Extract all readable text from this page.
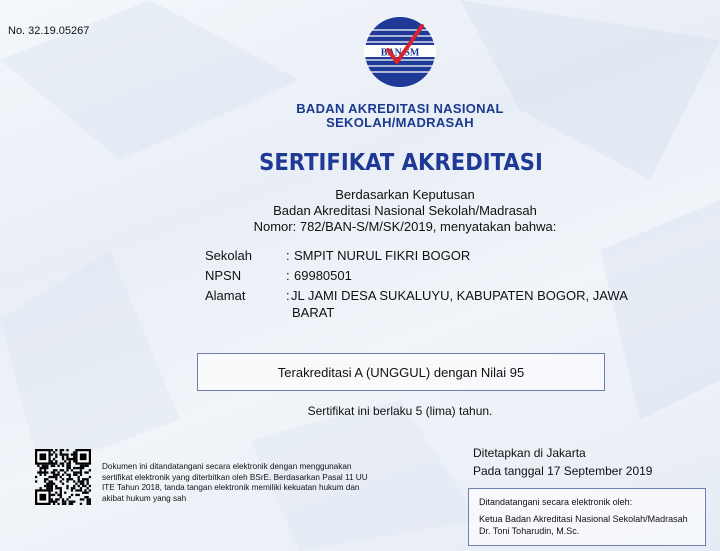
No. 32.19.05267
BAN SM
BADAN AKREDITASI NASIONAL
SEKOLAH/MADRASAH
SERTIFIKAT AKREDITASI
Berdasarkan Keputusan
Badan Akreditasi Nasional Sekolah/Madrasah
Nomor: 782/BAN-S/M/SK/2019, menyatakan bahwa:
Sekolah	: SMPIT NURUL FIKRI BOGOR
NPSN	: 69980501
Alamat	: JL JAMI DESA SUKALUYU, KABUPATEN BOGOR, JAWA
BARAT
Terakreditasi A (UNGGUL) dengan Nilai 95
Sertifikat ini berlaku 5 (lima) tahun.
Dokumen ini ditandatangani secara elektronik dengan menggunakan sertifikat elektronik yang diterbitkan oleh BSrE. Berdasarkan Pasal 11 UU ITE Tahun 2018, tanda tangan elektronik memiliki kekuatan hukum dan akibat hukum yang sah
Ditetapkan di Jakarta
Pada tanggal 17 September 2019
Ditandatangani secara elektronik oleh:
Ketua Badan Akreditasi Nasional Sekolah/Madrasah
Dr. Toni Toharudin, M.Sc.
